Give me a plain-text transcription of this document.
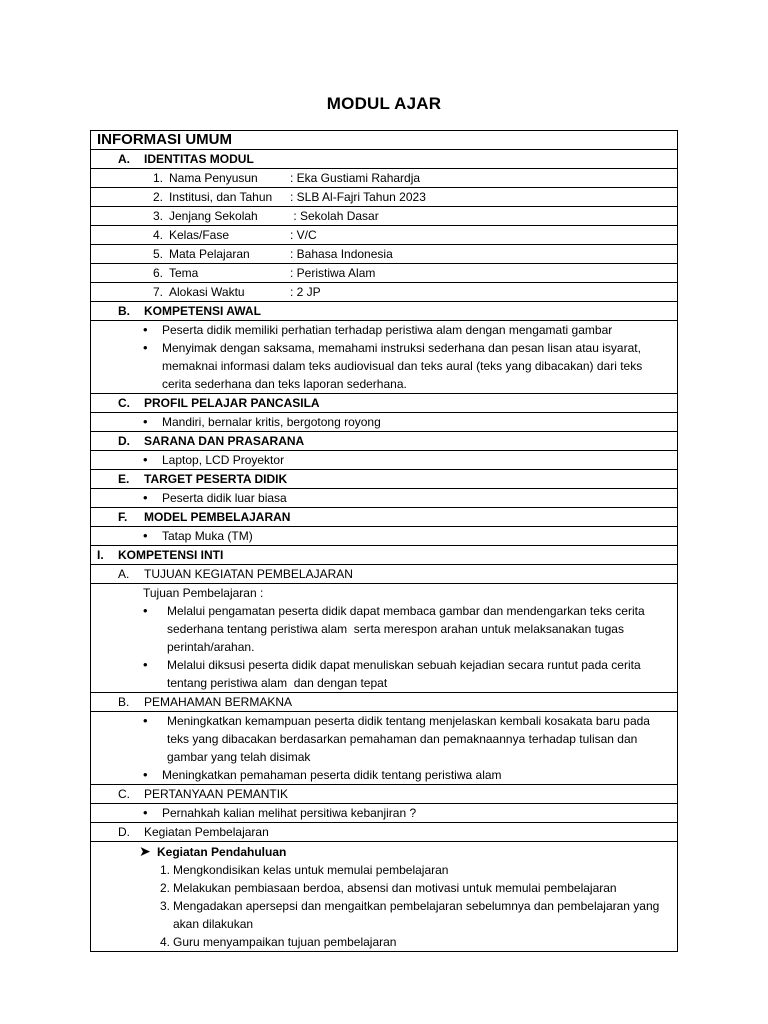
MODUL AJAR
INFORMASI UMUM
A. IDENTITAS MODUL
1. Nama Penyusun	: Eka Gustiami Rahardja
2. Institusi, dan Tahun : SLB Al-Fajri Tahun 2023
3. Jenjang Sekolah	: Sekolah Dasar
4. Kelas/Fase	: V/C
5. Mata Pelajaran	: Bahasa Indonesia
6. Tema	: Peristiwa Alam
7. Alokasi Waktu	: 2 JP
B. KOMPETENSI AWAL

• Peserta didik memiliki perhatian terhadap peristiwa alam dengan mengamati gambar
• Menyimak dengan saksama, memahami instruksi sederhana dan pesan lisan atau isyarat, memaknai informasi dalam teks audiovisual dan teks aural (teks yang dibacakan) dari teks cerita sederhana dan teks laporan sederhana.

C. PROFIL PELAJAR PANCASILA

• Mandiri, bernalar kritis, bergotong royong

D. SARANA DAN PRASARANA

• Laptop, LCD Proyektor

E. TARGET PESERTA DIDIK

• Peserta didik luar biasa

F. MODEL PEMBELAJARAN

• Tatap Muka (TM)

I. KOMPETENSI INTI
A. TUJUAN KEGIATAN PEMBELAJARAN

Tujuan Pembelajaran :
• Melalui pengamatan peserta didik dapat membaca gambar dan mendengarkan teks cerita sederhana tentang peristiwa alam  serta merespon arahan untuk melaksanakan tugas perintah/arahan.
• Melalui diksusi peserta didik dapat menuliskan sebuah kejadian secara runtut pada cerita tentang peristiwa alam  dan dengan tepat

B. PEMAHAMAN BERMAKNA

• Meningkatkan kemampuan peserta didik tentang menjelaskan kembali kosakata baru pada teks yang dibacakan berdasarkan pemahaman dan pemaknaannya terhadap tulisan dan gambar yang telah disimak
• Meningkatkan pemahaman peserta didik tentang peristiwa alam

C. PERTANYAAN PEMANTIK

• Pernahkah kalian melihat persitiwa kebanjiran ?

D. Kegiatan Pembelajaran

➤ Kegiatan Pendahuluan
1. Mengkondisikan kelas untuk memulai pembelajaran
2. Melakukan pembiasaan berdoa, absensi dan motivasi untuk memulai pembelajaran
3. Mengadakan apersepsi dan mengaitkan pembelajaran sebelumnya dan pembelajaran yang akan dilakukan
4. Guru menyampaikan tujuan pembelajaran
